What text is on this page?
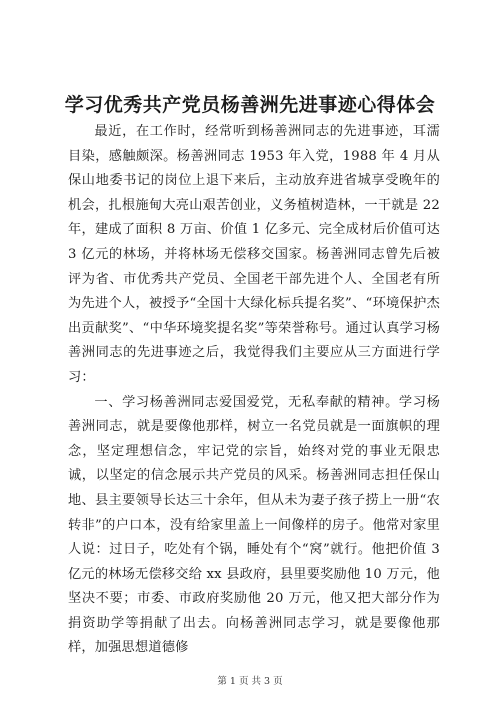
学习优秀共产党员杨善洲先进事迹心得体会

最近，在工作时，经常听到杨善洲同志的先进事迹，耳濡目染，感触颇深。杨善洲同志 1953 年入党，1988 年 4 月从保山地委书记的岗位上退下来后，主动放弃进省城享受晚年的机会，扎根施甸大亮山艰苦创业，义务植树造林，一干就是 22 年，建成了面积 8 万亩、价值 1 亿多元、完全成材后价值可达 3 亿元的林场，并将林场无偿移交国家。杨善洲同志曾先后被评为省、市优秀共产党员、全国老干部先进个人、全国老有所为先进个人，被授予“全国十大绿化标兵提名奖”、“环境保护杰出贡献奖”、“中华环境奖提名奖”等荣誉称号。通过认真学习杨善洲同志的先进事迹之后，我觉得我们主要应从三方面进行学习：

一、学习杨善洲同志爱国爱党，无私奉献的精神。学习杨善洲同志，就是要像他那样，树立一名党员就是一面旗帜的理念，坚定理想信念，牢记党的宗旨，始终对党的事业无限忠诚，以坚定的信念展示共产党员的风采。杨善洲同志担任保山地、县主要领导长达三十余年，但从未为妻子孩子捞上一册“农转非”的户口本，没有给家里盖上一间像样的房子。他常对家里人说：过日子，吃处有个锅，睡处有个“窝”就行。他把价值 3 亿元的林场无偿移交给 xx 县政府，县里要奖励他 10 万元，他坚决不要；市委、市政府奖励他 20 万元，他又把大部分作为捐资助学等捐献了出去。向杨善洲同志学习，就是要像他那样，加强思想道德修

第 1 页 共 3 页
